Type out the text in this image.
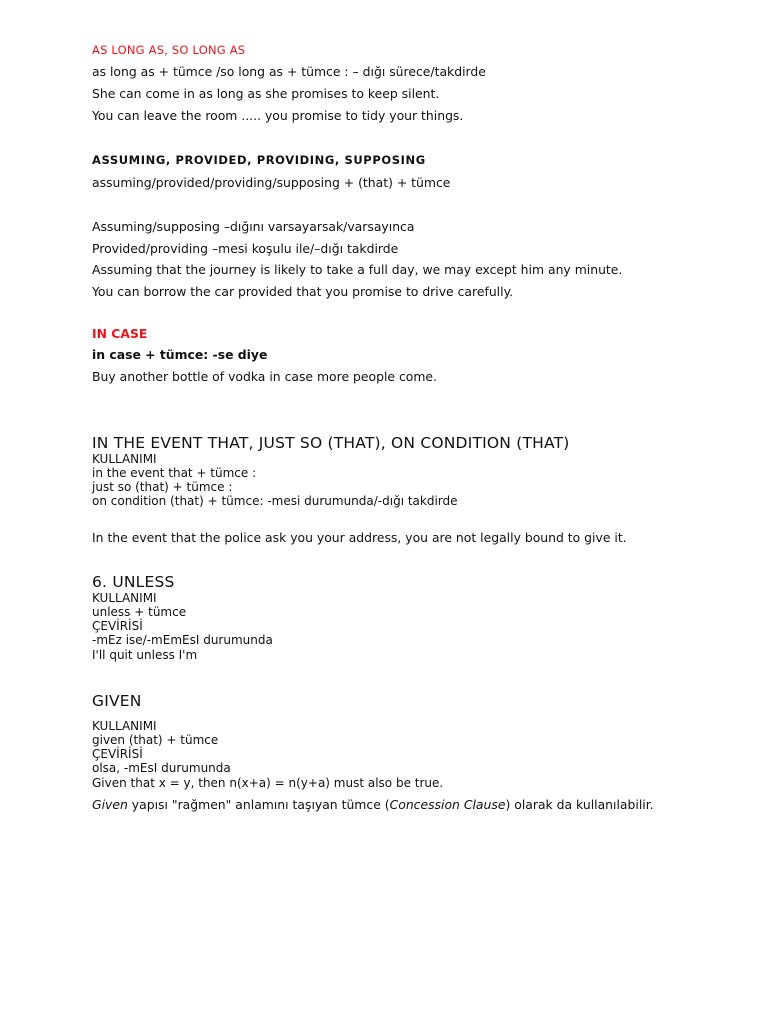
AS LONG AS, SO LONG AS
as long as + tümce /so long as + tümce : – dığı sürece/takdirde
She can come in as long as she promises to keep silent.
You can leave the room ..... you promise to tidy your things.
ASSUMING, PROVIDED, PROVIDING, SUPPOSING
assuming/provided/providing/supposing + (that) + tümce
Assuming/supposing –dığını varsayarsak/varsayınca
Provided/providing –mesi koşulu ile/–dığı takdirde
Assuming that the journey is likely to take a full day, we may except him any minute.
You can borrow the car provided that you promise to drive carefully.
IN CASE
in case + tümce: -se diye
Buy another bottle of vodka in case more people come.
IN THE EVENT THAT, JUST SO (THAT), ON CONDITION (THAT)
KULLANIMI
in the event that + tümce :
just so (that) + tümce :
on condition (that) + tümce: -mesi durumunda/-dığı takdirde
In the event that the police ask you your address, you are not legally bound to give it.
6. UNLESS
KULLANIMI
unless + tümce
ÇEVİRİSİ
-mEz ise/-mEmEsI durumunda
I'll quit unless I'm
GIVEN
KULLANIMI
given (that) + tümce
ÇEVİRİSİ
olsa, -mEsI durumunda
Given that x = y, then n(x+a) = n(y+a) must also be true.
Given yapısı "rağmen" anlamını taşıyan tümce (Concession Clause) olarak da kullanılabilir.
